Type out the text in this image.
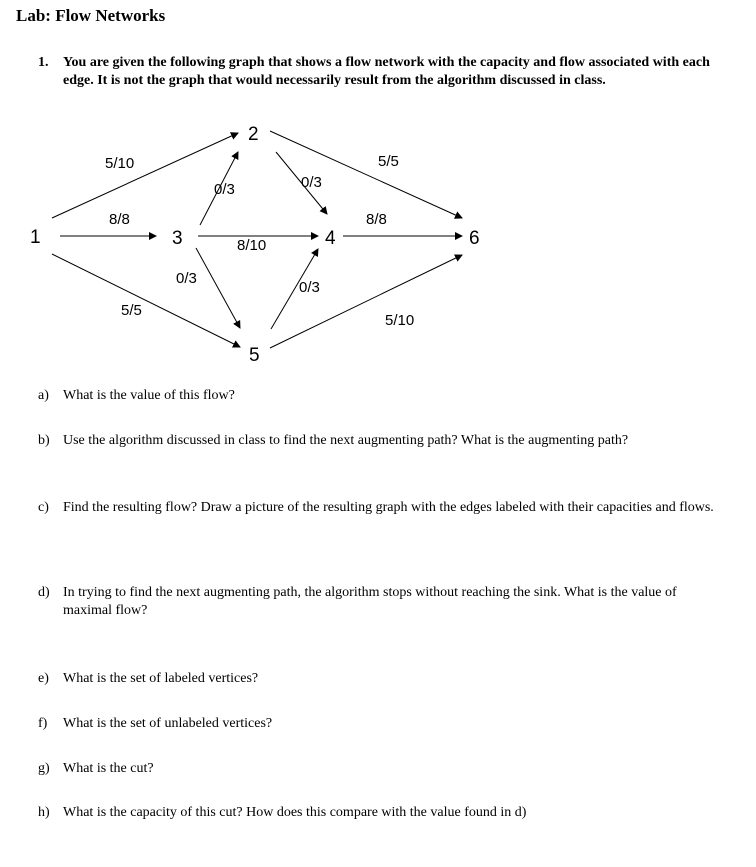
Lab: Flow Networks
1. You are given the following graph that shows a flow network with the capacity and flow associated with each edge. It is not the graph that would necessarily result from the algorithm discussed in class.
1
2
3	4
5
6
5/10
8/8
5/5
0/3
8/10
0/3
0/3
5/5
0/3
8/8
5/10
a) What is the value of this flow?
b) Use the algorithm discussed in class to find the next augmenting path? What is the augmenting path?
c) Find the resulting flow? Draw a picture of the resulting graph with the edges labeled with their capacities and flows.
d) In trying to find the next augmenting path, the algorithm stops without reaching the sink. What is the value of maximal flow?
e) What is the set of labeled vertices?
f) What is the set of unlabeled vertices?
g) What is the cut?
h) What is the capacity of this cut? How does this compare with the value found in d)
